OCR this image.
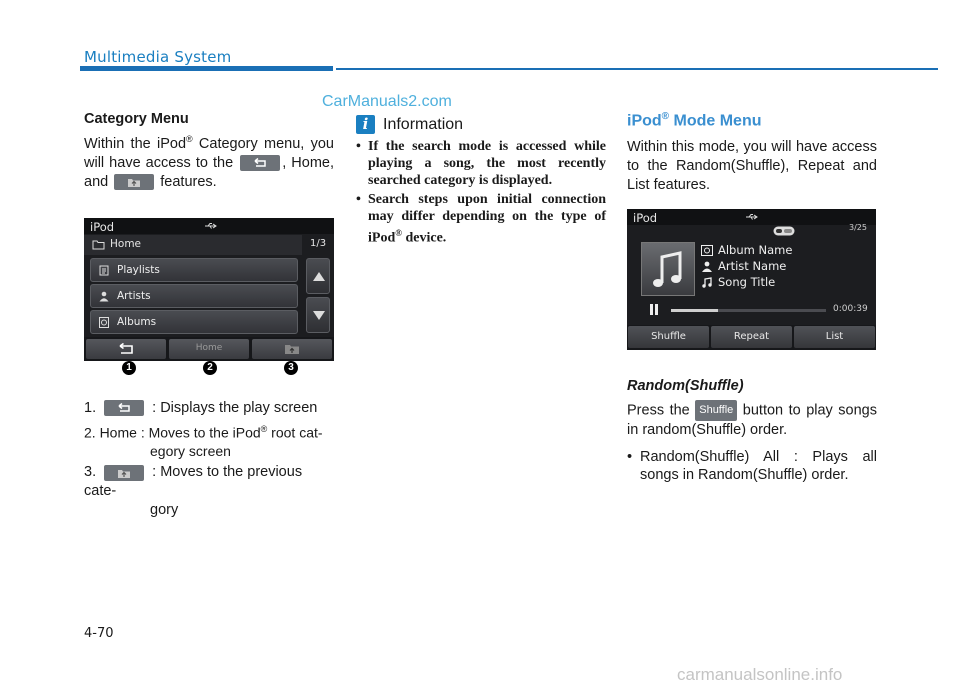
Multimedia System
CarManuals2.com
Category Menu
Within the iPod® Category menu, you will have access to the	, Home, and	features.
iPod
Home	1/3
Playlists
Artists
Albums
Home
1	2	3
1.	: Displays the play screen
2. Home : Moves to the iPod® root cat-
egory screen
3.	: Moves to the previous cate-
gory
i Information
• If the search mode is accessed while playing a song, the most recently searched category is displayed.
• Search steps upon initial connection may differ depending on the type of iPod® device.
iPod® Mode Menu
Within this mode, you will have access to the Random(Shuffle), Repeat and List features.
iPod
3/25
Album Name
Artist Name
Song Title
0:00:39
Shuffle	Repeat	List
Random(Shuffle)
Press the Shuffle button to play songs in random(Shuffle) order.
• Random(Shuffle) All : Plays all songs in Random(Shuffle) order.
4-70
carmanualsonline.info
